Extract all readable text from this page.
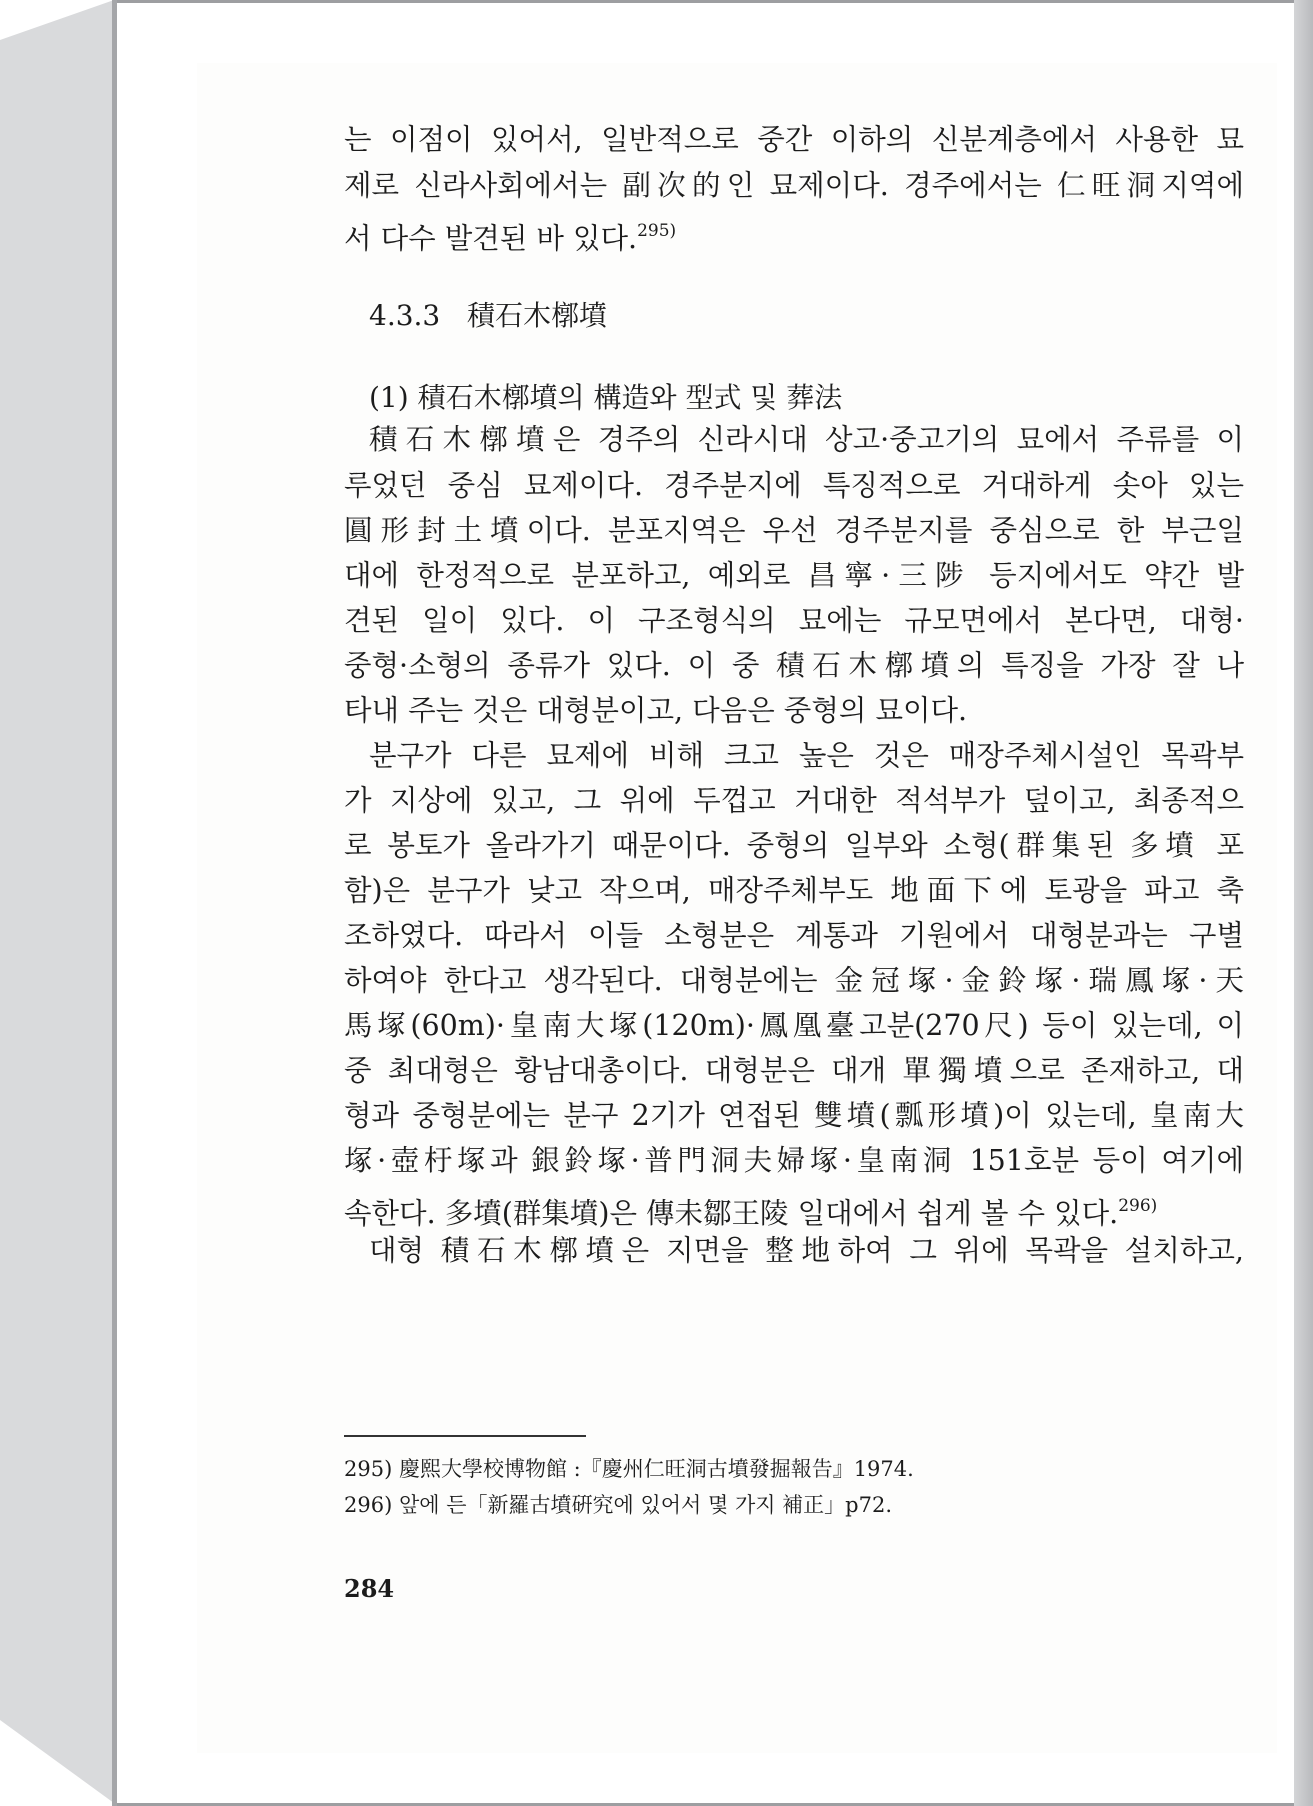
는 이점이 있어서, 일반적으로 중간 이하의 신분계층에서 사용한 묘
제로 신라사회에서는 副次的인 묘제이다. 경주에서는 仁旺洞지역에
서 다수 발견된 바 있다.$^{295)}$
4.3.3 積石木槨墳
(1) 積石木槨墳의 構造와 型式 및 葬法
積石木槨墳은 경주의 신라시대 상고·중고기의 묘에서 주류를 이
루었던 중심 묘제이다. 경주분지에 특징적으로 거대하게 솟아 있는
圓形封土墳이다. 분포지역은 우선 경주분지를 중심으로 한 부근일
대에 한정적으로 분포하고, 예외로 昌寧·三陟 등지에서도 약간 발
견된 일이 있다. 이 구조형식의 묘에는 규모면에서 본다면, 대형·
중형·소형의 종류가 있다. 이 중 積石木槨墳의 특징을 가장 잘 나
타내 주는 것은 대형분이고, 다음은 중형의 묘이다.
분구가 다른 묘제에 비해 크고 높은 것은 매장주체시설인 목곽부
가 지상에 있고, 그 위에 두껍고 거대한 적석부가 덮이고, 최종적으
로 봉토가 올라가기 때문이다. 중형의 일부와 소형(群集된 多墳 포
함)은 분구가 낮고 작으며, 매장주체부도 地面下에 토광을 파고 축
조하였다. 따라서 이들 소형분은 계통과 기원에서 대형분과는 구별
하여야 한다고 생각된다. 대형분에는 金冠塚·金鈴塚·瑞鳳塚·天
馬塚(60m)·皇南大塚(120m)·鳳凰臺고분(270尺) 등이 있는데, 이
중 최대형은 황남대총이다. 대형분은 대개 單獨墳으로 존재하고, 대
형과 중형분에는 분구 2기가 연접된 雙墳(瓢形墳)이 있는데, 皇南大
塚·壺杅塚과 銀鈴塚·普門洞夫婦塚·皇南洞 151호분 등이 여기에
속한다. 多墳(群集墳)은 傳未鄒王陵 일대에서 쉽게 볼 수 있다.$^{296)}$
대형 積石木槨墳은 지면을 整地하여 그 위에 목곽을 설치하고,
295) 慶熙大學校博物館 :『慶州仁旺洞古墳發掘報告』1974.
296) 앞에 든「新羅古墳硏究에 있어서 몇 가지 補正」p72.
284
